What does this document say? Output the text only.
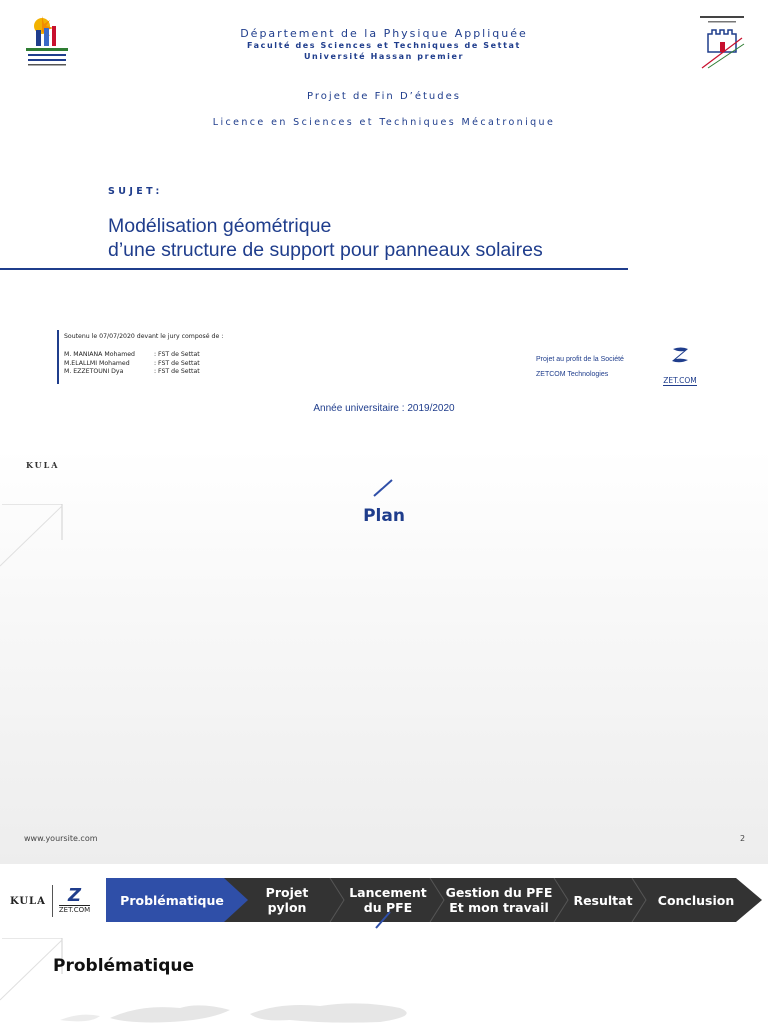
Département de la Physique Appliquée
Faculté des Sciences et Techniques de Settat
Université Hassan premier
Projet de Fin D’études
Licence en Sciences et Techniques Mécatronique
SUJET:
Modélisation géométrique
d’une structure de support pour panneaux solaires
Soutenu le 07/07/2020 devant le jury composé de :
M. MANIANA Mohamed	: FST de Settat
M.ELALLMI Mohamed	: FST de Settat
M. EZZETOUNI Dya	: FST de Settat
Projet au profit de la Société
ZETCOM Technologies
ZET.COM
Année universitaire : 2019/2020
KULA
Plan
www.yoursite.com	2
KULA	Z
ZET.COM
Problématique	Projet pylon
Lancement du PFE
Gestion du PFE Et mon travail	Resultat	Conclusion
Problématique
